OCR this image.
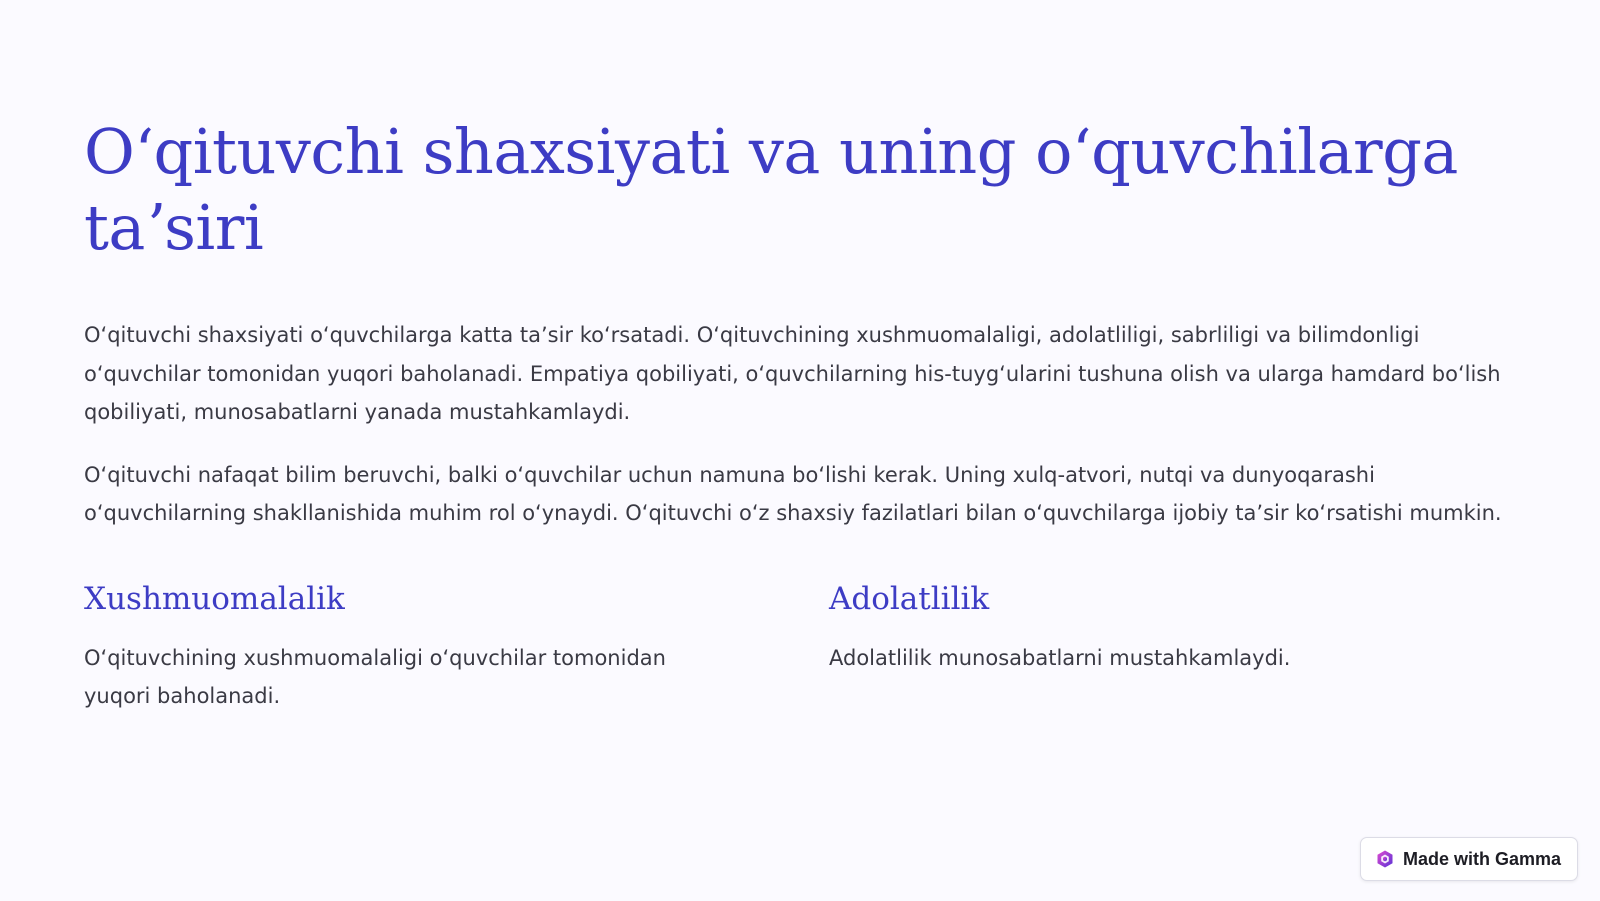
Oʻqituvchi shaxsiyati va uning oʻquvchilarga taʼsiri

Oʻqituvchi shaxsiyati oʻquvchilarga katta taʼsir koʻrsatadi. Oʻqituvchining xushmuomalaligi, adolatliligi, sabrliligi va bilimdonligi oʻquvchilar tomonidan yuqori baholanadi. Empatiya qobiliyati, oʻquvchilarning his-tuygʻularini tushuna olish va ularga hamdard boʻlish qobiliyati, munosabatlarni yanada mustahkamlaydi.

Oʻqituvchi nafaqat bilim beruvchi, balki oʻquvchilar uchun namuna boʻlishi kerak. Uning xulq-atvori, nutqi va dunyoqarashi oʻquvchilarning shakllanishida muhim rol oʻynaydi. Oʻqituvchi oʻz shaxsiy fazilatlari bilan oʻquvchilarga ijobiy taʼsir koʻrsatishi mumkin.

Xushmuomalalik

Oʻqituvchining xushmuomalaligi oʻquvchilar tomonidan yuqori baholanadi.

Adolatlilik

Adolatlilik munosabatlarni mustahkamlaydi.

Made with Gamma
